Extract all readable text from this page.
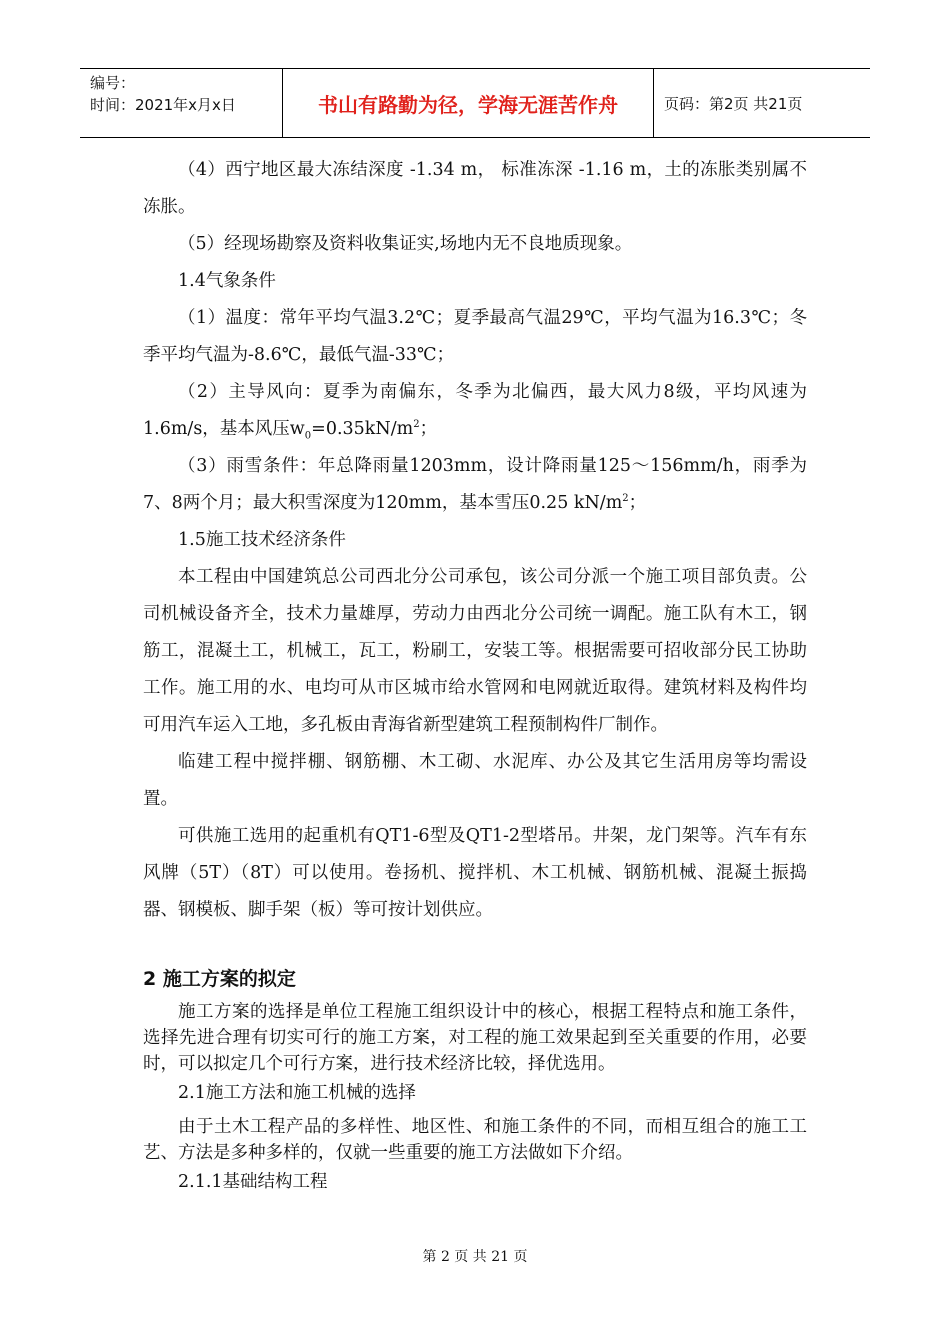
编号：
时间：2021年x月x日	书山有路勤为径，学海无涯苦作舟	页码：第2页 共21页

（4）西宁地区最大冻结深度 -1.34 m， 标准冻深 -1.16 m，土的冻胀类别属不冻胀。

（5）经现场勘察及资料收集证实,场地内无不良地质现象。

1.4气象条件

（1）温度：常年平均气温3.2℃；夏季最高气温29℃，平均气温为16.3℃；冬季平均气温为-8.6℃，最低气温-33℃；

（2）主导风向：夏季为南偏东，冬季为北偏西，最大风力8级，平均风速为1.6m/s，基本风压$w_0=0.35kN/m^2$；

（3）雨雪条件：年总降雨量1203mm，设计降雨量125～156mm/h，雨季为7、8两个月；最大积雪深度为120mm，基本雪压0.25 $kN/m^2$；

1.5施工技术经济条件

本工程由中国建筑总公司西北分公司承包，该公司分派一个施工项目部负责。公司机械设备齐全，技术力量雄厚，劳动力由西北分公司统一调配。施工队有木工，钢筋工，混凝土工，机械工，瓦工，粉刷工，安装工等。根据需要可招收部分民工协助工作。施工用的水、电均可从市区城市给水管网和电网就近取得。建筑材料及构件均可用汽车运入工地，多孔板由青海省新型建筑工程预制构件厂制作。

临建工程中搅拌棚、钢筋棚、木工砌、水泥库、办公及其它生活用房等均需设置。

可供施工选用的起重机有QT1-6型及QT1-2型塔吊。井架，龙门架等。汽车有东风牌（5T）（8T）可以使用。卷扬机、搅拌机、木工机械、钢筋机械、混凝土振捣器、钢模板、脚手架（板）等可按计划供应。

2 施工方案的拟定

施工方案的选择是单位工程施工组织设计中的核心，根据工程特点和施工条件，选择先进合理有切实可行的施工方案，对工程的施工效果起到至关重要的作用，必要时，可以拟定几个可行方案，进行技术经济比较，择优选用。

2.1施工方法和施工机械的选择

由于土木工程产品的多样性、地区性、和施工条件的不同，而相互组合的施工工艺、方法是多种多样的，仅就一些重要的施工方法做如下介绍。

2.1.1基础结构工程

第 2 页 共 21 页
